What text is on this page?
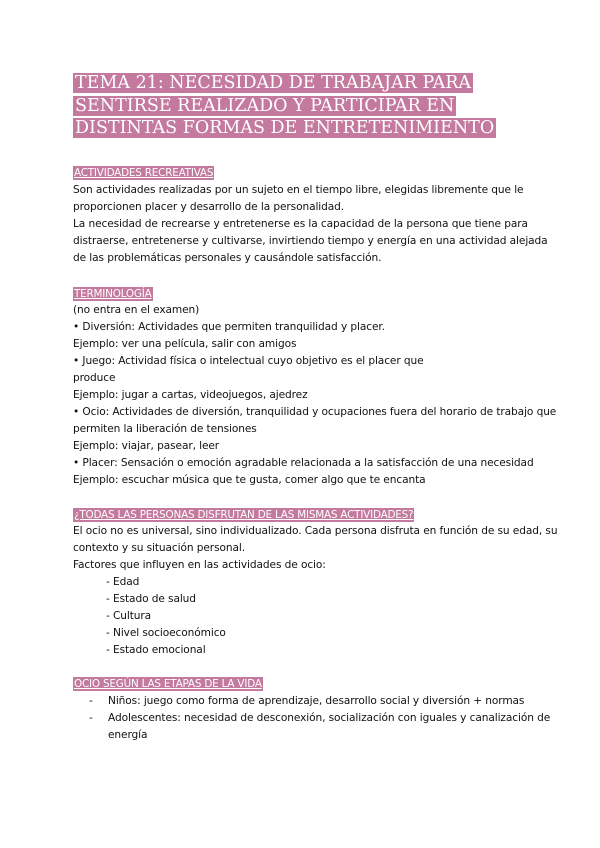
TEMA 21: NECESIDAD DE TRABAJAR PARA
SENTIRSE REALIZADO Y PARTICIPAR EN
DISTINTAS FORMAS DE ENTRETENIMIENTO
ACTIVIDADES RECREATIVAS
Son actividades realizadas por un sujeto en el tiempo libre, elegidas libremente que le
proporcionen placer y desarrollo de la personalidad.
La necesidad de recrearse y entretenerse es la capacidad de la persona que tiene para
distraerse, entretenerse y cultivarse, invirtiendo tiempo y energía en una actividad alejada
de las problemáticas personales y causándole satisfacción.
TERMINOLOGÍA
(no entra en el examen)
• Diversión: Actividades que permiten tranquilidad y placer.
Ejemplo: ver una película, salir con amigos
• Juego: Actividad física o intelectual cuyo objetivo es el placer que
produce
Ejemplo: jugar a cartas, videojuegos, ajedrez
• Ocio: Actividades de diversión, tranquilidad y ocupaciones fuera del horario de trabajo que
permiten la liberación de tensiones
Ejemplo: viajar, pasear, leer
• Placer: Sensación o emoción agradable relacionada a la satisfacción de una necesidad
Ejemplo: escuchar música que te gusta, comer algo que te encanta
¿TODAS LAS PERSONAS DISFRUTAN DE LAS MISMAS ACTIVIDADES?
El ocio no es universal, sino individualizado. Cada persona disfruta en función de su edad, su
contexto y su situación personal.
Factores que influyen en las actividades de ocio:
- Edad
- Estado de salud
- Cultura
- Nivel socioeconómico
- Estado emocional
OCIO SEGÚN LAS ETAPAS DE LA VIDA
- Niños: juego como forma de aprendizaje, desarrollo social y diversión + normas
- Adolescentes: necesidad de desconexión, socialización con iguales y canalización de
energía
